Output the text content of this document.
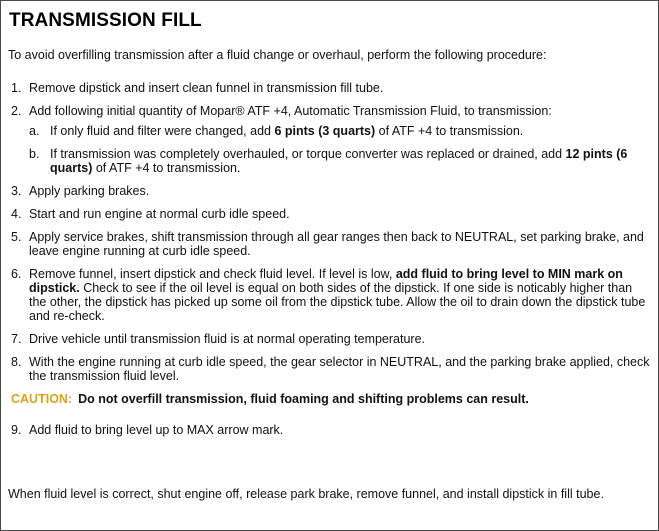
TRANSMISSION FILL
To avoid overfilling transmission after a fluid change or overhaul, perform the following procedure:
1. Remove dipstick and insert clean funnel in transmission fill tube.
2. Add following initial quantity of Mopar® ATF +4, Automatic Transmission Fluid, to transmission:
a. If only fluid and filter were changed, add 6 pints (3 quarts) of ATF +4 to transmission.
b. If transmission was completely overhauled, or torque converter was replaced or drained, add 12 pints (6 quarts) of ATF +4 to transmission.
3. Apply parking brakes.
4. Start and run engine at normal curb idle speed.
5. Apply service brakes, shift transmission through all gear ranges then back to NEUTRAL, set parking brake, and leave engine running at curb idle speed.
6. Remove funnel, insert dipstick and check fluid level. If level is low, add fluid to bring level to MIN mark on dipstick. Check to see if the oil level is equal on both sides of the dipstick. If one side is noticably higher than the other, the dipstick has picked up some oil from the dipstick tube. Allow the oil to drain down the dipstick tube and re-check.
7. Drive vehicle until transmission fluid is at normal operating temperature.
8. With the engine running at curb idle speed, the gear selector in NEUTRAL, and the parking brake applied, check the transmission fluid level.
CAUTION: Do not overfill transmission, fluid foaming and shifting problems can result.
9. Add fluid to bring level up to MAX arrow mark.
When fluid level is correct, shut engine off, release park brake, remove funnel, and install dipstick in fill tube.
